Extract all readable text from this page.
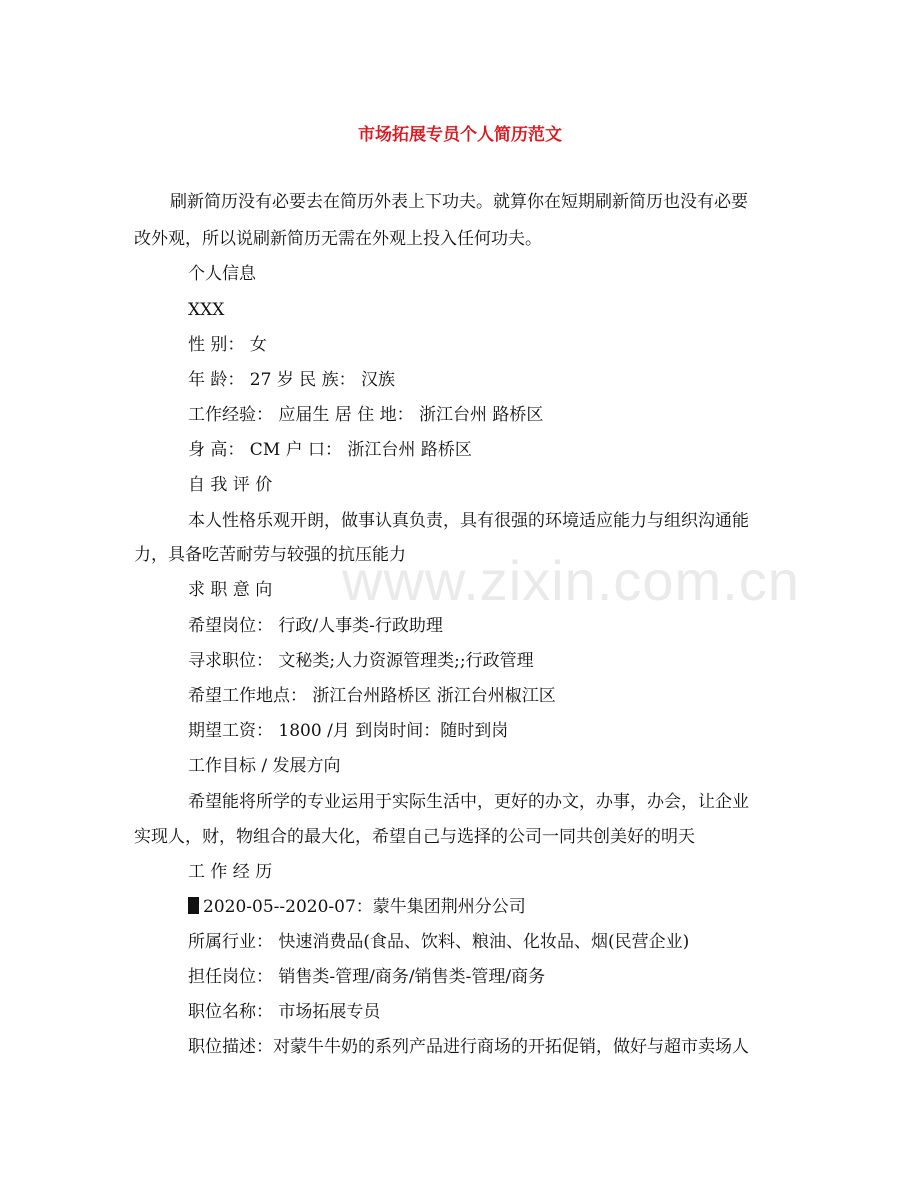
市场拓展专员个人简历范文
刷新简历没有必要去在简历外表上下功夫。就算你在短期刷新简历也没有必要
改外观，所以说刷新简历无需在外观上投入任何功夫。
个人信息
XXX
性 别： 女
年 龄： 27 岁 民 族： 汉族
工作经验： 应届生 居 住 地： 浙江台州 路桥区
身 高： CM 户 口： 浙江台州 路桥区
自 我 评 价
本人性格乐观开朗，做事认真负责，具有很强的环境适应能力与组织沟通能
力，具备吃苦耐劳与较强的抗压能力
求 职 意 向
希望岗位： 行政/人事类-行政助理
寻求职位： 文秘类;人力资源管理类;;行政管理
希望工作地点： 浙江台州路桥区 浙江台州椒江区
期望工资： 1800 /月 到岗时间：随时到岗
工作目标 / 发展方向
希望能将所学的专业运用于实际生活中，更好的办文，办事，办会，让企业
实现人，财，物组合的最大化，希望自己与选择的公司一同共创美好的明天
工 作 经 历
2020-05--2020-07：蒙牛集团荆州分公司
所属行业： 快速消费品(食品、饮料、粮油、化妆品、烟(民营企业)
担任岗位： 销售类-管理/商务/销售类-管理/商务
职位名称： 市场拓展专员
职位描述：对蒙牛牛奶的系列产品进行商场的开拓促销，做好与超市卖场人
www.zixin.com.cn
